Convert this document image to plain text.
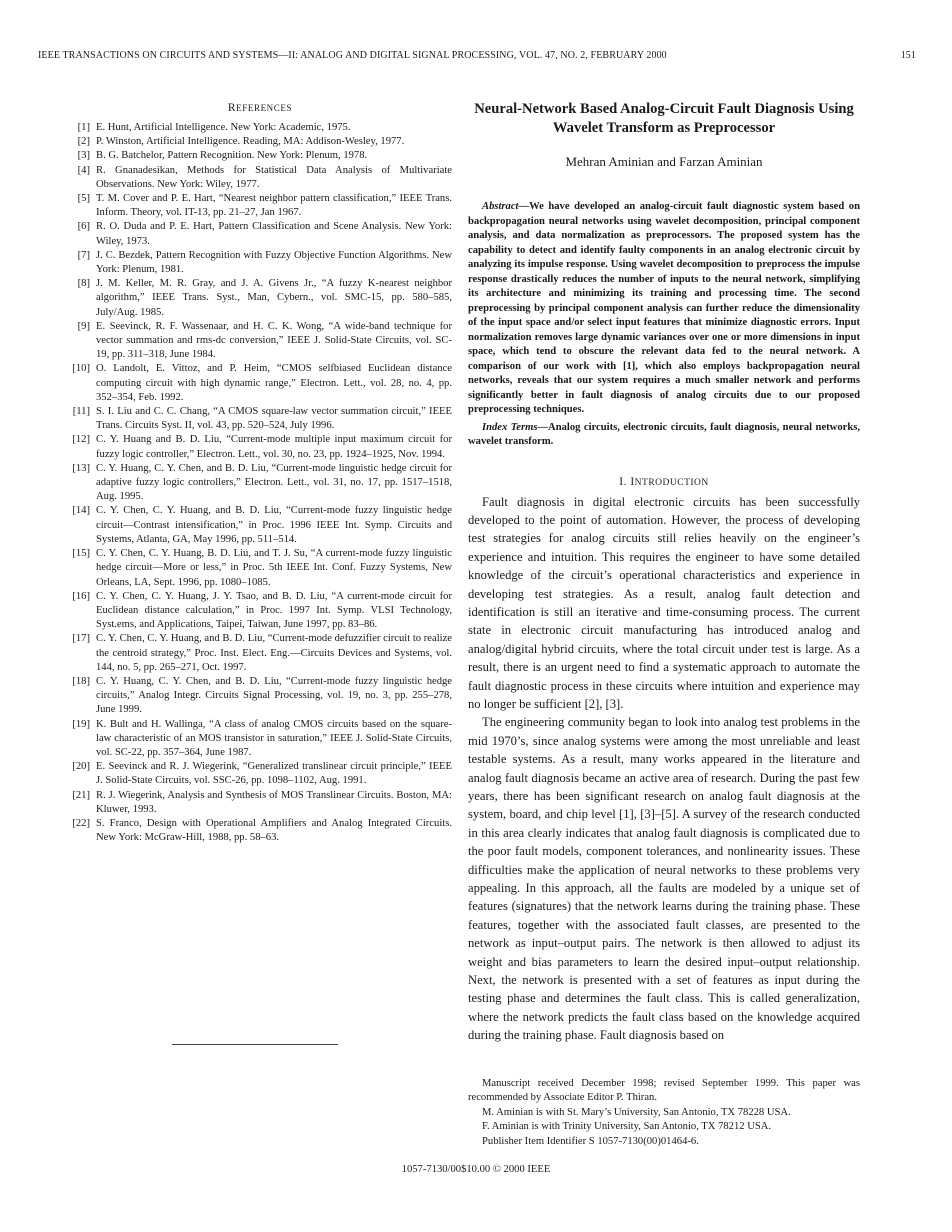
IEEE TRANSACTIONS ON CIRCUITS AND SYSTEMS—II: ANALOG AND DIGITAL SIGNAL PROCESSING, VOL. 47, NO. 2, FEBRUARY 2000	151
REFERENCES
[1] E. Hunt, Artificial Intelligence. New York: Academic, 1975.
[2] P. Winston, Artificial Intelligence. Reading, MA: Addison-Wesley, 1977.
[3] B. G. Batchelor, Pattern Recognition. New York: Plenum, 1978.
[4] R. Gnanadesikan, Methods for Statistical Data Analysis of Multivariate Observations. New York: Wiley, 1977.
[5] T. M. Cover and P. E. Hart, “Nearest neighbor pattern classification,” IEEE Trans. Inform. Theory, vol. IT-13, pp. 21–27, Jan 1967.
[6] R. O. Duda and P. E. Hart, Pattern Classification and Scene Analysis. New York: Wiley, 1973.
[7] J. C. Bezdek, Pattern Recognition with Fuzzy Objective Function Algorithms. New York: Plenum, 1981.
[8] J. M. Keller, M. R. Gray, and J. A. Givens Jr., “A fuzzy K-nearest neighbor algorithm,” IEEE Trans. Syst., Man, Cybern., vol. SMC-15, pp. 580–585, July/Aug. 1985.
[9] E. Seevinck, R. F. Wassenaar, and H. C. K. Wong, “A wide-band technique for vector summation and rms-dc conversion,” IEEE J. Solid-State Circuits, vol. SC-19, pp. 311–318, June 1984.
[10] O. Landolt, E. Vittoz, and P. Heim, “CMOS selfbiased Euclidean distance computing circuit with high dynamic range,” Electron. Lett., vol. 28, no. 4, pp. 352–354, Feb. 1992.
[11] S. I. Liu and C. C. Chang, “A CMOS square-law vector summation circuit,” IEEE Trans. Circuits Syst. II, vol. 43, pp. 520–524, July 1996.
[12] C. Y. Huang and B. D. Liu, “Current-mode multiple input maximum circuit for fuzzy logic controller,” Electron. Lett., vol. 30, no. 23, pp. 1924–1925, Nov. 1994.
[13] C. Y. Huang, C. Y. Chen, and B. D. Liu, “Current-mode linguistic hedge circuit for adaptive fuzzy logic controllers,” Electron. Lett., vol. 31, no. 17, pp. 1517–1518, Aug. 1995.
[14] C. Y. Chen, C. Y. Huang, and B. D. Liu, “Current-mode fuzzy linguistic hedge circuit—Contrast intensification,” in Proc. 1996 IEEE Int. Symp. Circuits and Systems, Atlanta, GA, May 1996, pp. 511–514.
[15] C. Y. Chen, C. Y. Huang, B. D. Liu, and T. J. Su, “A current-mode fuzzy linguistic hedge circuit—More or less,” in Proc. 5th IEEE Int. Conf. Fuzzy Systems, New Orleans, LA, Sept. 1996, pp. 1080–1085.
[16] C. Y. Chen, C. Y. Huang, J. Y. Tsao, and B. D. Liu, “A current-mode circuit for Euclidean distance calculation,” in Proc. 1997 Int. Symp. VLSI Technology, Syst.ems, and Applications, Taipei, Taiwan, June 1997, pp. 83–86.
[17] C. Y. Chen, C. Y. Huang, and B. D. Liu, “Current-mode defuzzifier circuit to realize the centroid strategy,” Proc. Inst. Elect. Eng.—Circuits Devices and Systems, vol. 144, no. 5, pp. 265–271, Oct. 1997.
[18] C. Y. Huang, C. Y. Chen, and B. D. Liu, “Current-mode fuzzy linguistic hedge circuits,” Analog Integr. Circuits Signal Processing, vol. 19, no. 3, pp. 255–278, June 1999.
[19] K. Bult and H. Wallinga, “A class of analog CMOS circuits based on the square-law characteristic of an MOS transistor in saturation,” IEEE J. Solid-State Circuits, vol. SC-22, pp. 357–364, June 1987.
[20] E. Seevinck and R. J. Wiegerink, “Generalized translinear circuit principle,” IEEE J. Solid-State Circuits, vol. SSC-26, pp. 1098–1102, Aug. 1991.
[21] R. J. Wiegerink, Analysis and Synthesis of MOS Translinear Circuits. Boston, MA: Kluwer, 1993.
[22] S. Franco, Design with Operational Amplifiers and Analog Integrated Circuits. New York: McGraw-Hill, 1988, pp. 58–63.
Neural-Network Based Analog-Circuit Fault Diagnosis Using Wavelet Transform as Preprocessor
Mehran Aminian and Farzan Aminian
Abstract—We have developed an analog-circuit fault diagnostic system based on backpropagation neural networks using wavelet decomposition, principal component analysis, and data normalization as preprocessors. The proposed system has the capability to detect and identify faulty components in an analog electronic circuit by analyzing its impulse response. Using wavelet decomposition to preprocess the impulse response drastically reduces the number of inputs to the neural network, simplifying its architecture and minimizing its training and processing time. The second preprocessing by principal component analysis can further reduce the dimensionality of the input space and/or select input features that minimize diagnostic errors. Input normalization removes large dynamic variances over one or more dimensions in input space, which tend to obscure the relevant data fed to the neural network. A comparison of our work with [1], which also employs backpropagation neural networks, reveals that our system requires a much smaller network and performs significantly better in fault diagnosis of analog circuits due to our proposed preprocessing techniques.
Index Terms—Analog circuits, electronic circuits, fault diagnosis, neural networks, wavelet transform.
I. INTRODUCTION

Fault diagnosis in digital electronic circuits has been successfully developed to the point of automation. However, the process of developing test strategies for analog circuits still relies heavily on the engineer’s experience and intuition. This requires the engineer to have some detailed knowledge of the circuit’s operational characteristics and experience in developing test strategies. As a result, analog fault detection and identification is still an iterative and time-consuming process. The current state in electronic circuit manufacturing has introduced analog and analog/digital hybrid circuits, where the total circuit under test is large. As a result, there is an urgent need to find a systematic approach to automate the fault diagnostic process in these circuits where intuition and experience may no longer be sufficient [2], [3].

The engineering community began to look into analog test problems in the mid 1970’s, since analog systems were among the most unreliable and least testable systems. As a result, many works appeared in the literature and analog fault diagnosis became an active area of research. During the past few years, there has been significant research on analog fault diagnosis at the system, board, and chip level [1], [3]–[5]. A survey of the research conducted in this area clearly indicates that analog fault diagnosis is complicated due to the poor fault models, component tolerances, and nonlinearity issues. These difficulties make the application of neural networks to these problems very appealing. In this approach, all the faults are modeled by a unique set of features (signatures) that the network learns during the training phase. These features, together with the associated fault classes, are presented to the network as input–output pairs. The network is then allowed to adjust its weight and bias parameters to learn the desired input–output relationship. Next, the network is presented with a set of features as input during the testing phase and determines the fault class. This is called generalization, where the network predicts the fault class based on the knowledge acquired during the training phase. Fault diagnosis based on

Manuscript received December 1998; revised September 1999. This paper was recommended by Associate Editor P. Thiran.

M. Aminian is with St. Mary’s University, San Antonio, TX 78228 USA.

F. Aminian is with Trinity University, San Antonio, TX 78212 USA.

Publisher Item Identifier S 1057-7130(00)01464-6.

1057-7130/00$10.00 © 2000 IEEE
